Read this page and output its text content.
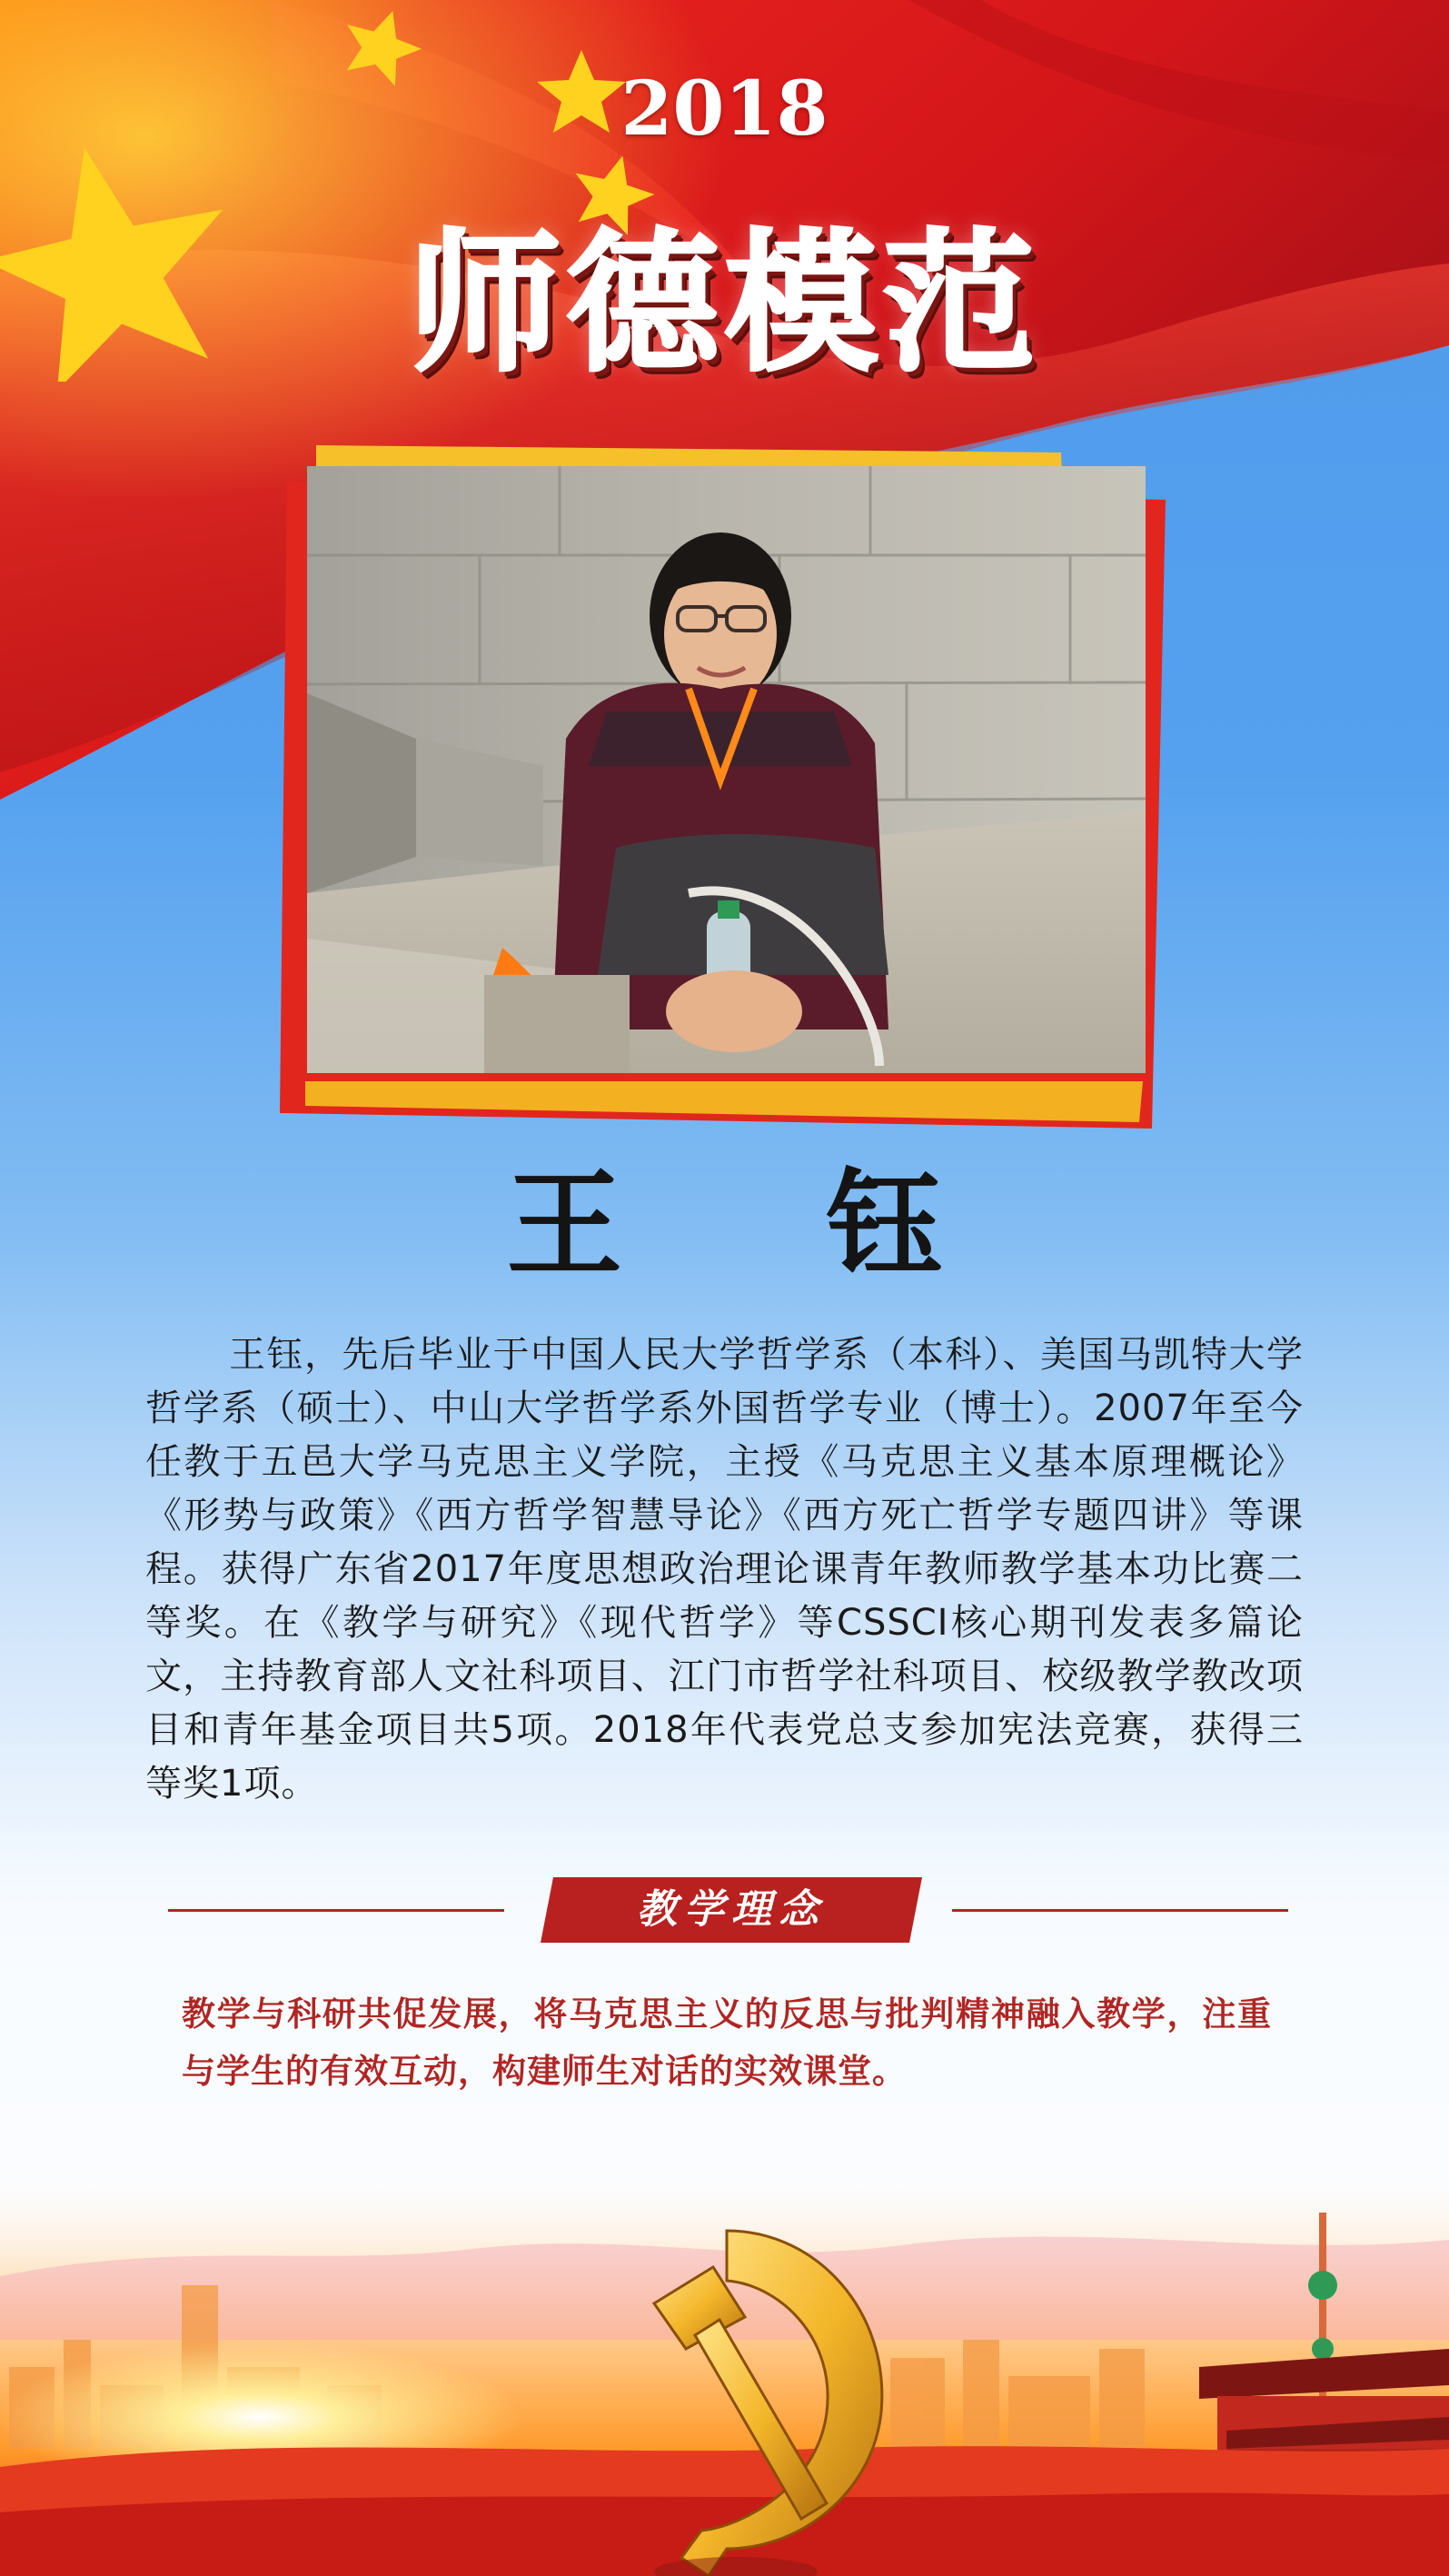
2018
师德模范
王 钰
王钰，先后毕业于中国人民大学哲学系（本科）、美国马凯特大学哲学系（硕士）、中山大学哲学系外国哲学专业（博士）。2007年至今任教于五邑大学马克思主义学院，主授《马克思主义基本原理概论》《形势与政策》《西方哲学智慧导论》《西方死亡哲学专题四讲》等课程。获得广东省2017年度思想政治理论课青年教师教学基本功比赛二等奖。在《教学与研究》《现代哲学》等CSSCI核心期刊发表多篇论文，主持教育部人文社科项目、江门市哲学社科项目、校级教学教改项目和青年基金项目共5项。2018年代表党总支参加宪法竞赛，获得三等奖1项。
教学理念
教学与科研共促发展，将马克思主义的反思与批判精神融入教学，注重与学生的有效互动，构建师生对话的实效课堂。
